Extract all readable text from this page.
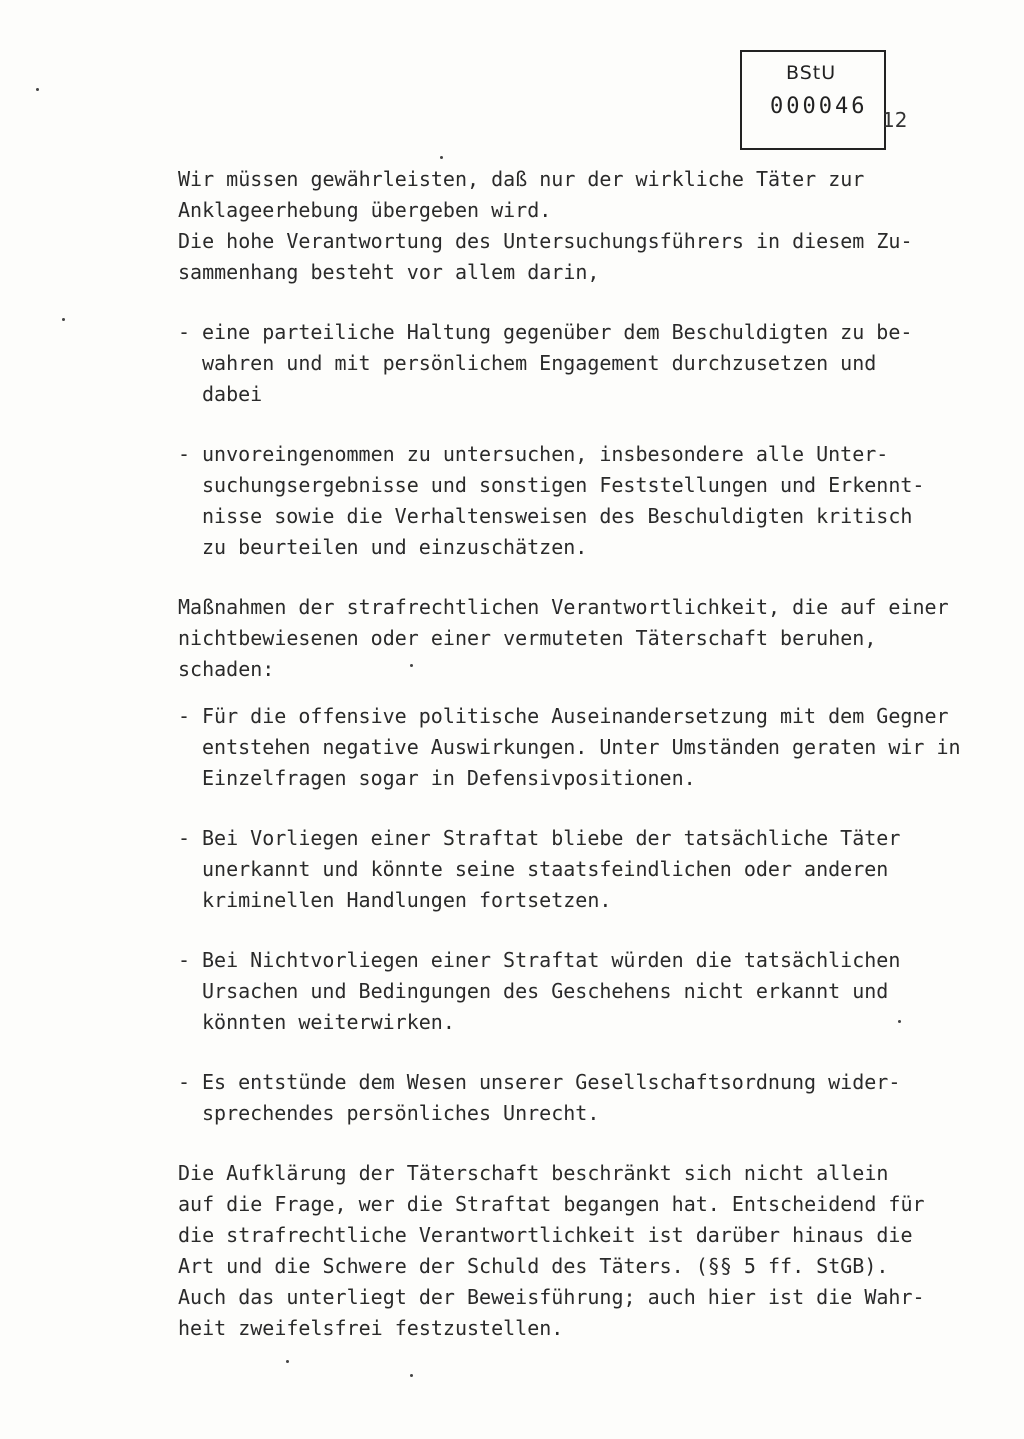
BStU
000046
12
Wir müssen gewährleisten, daß nur der wirkliche Täter zur
Anklageerhebung übergeben wird.
Die hohe Verantwortung des Untersuchungsführers in diesem Zu-
sammenhang besteht vor allem darin,
- eine parteiliche Haltung gegenüber dem Beschuldigten zu be-
wahren und mit persönlichem Engagement durchzusetzen und
dabei
- unvoreingenommen zu untersuchen, insbesondere alle Unter-
suchungsergebnisse und sonstigen Feststellungen und Erkennt-
nisse sowie die Verhaltensweisen des Beschuldigten kritisch
zu beurteilen und einzuschätzen.
Maßnahmen der strafrechtlichen Verantwortlichkeit, die auf einer
nichtbewiesenen oder einer vermuteten Täterschaft beruhen,
schaden:
- Für die offensive politische Auseinandersetzung mit dem Gegner
entstehen negative Auswirkungen. Unter Umständen geraten wir in
Einzelfragen sogar in Defensivpositionen.
- Bei Vorliegen einer Straftat bliebe der tatsächliche Täter
unerkannt und könnte seine staatsfeindlichen oder anderen
kriminellen Handlungen fortsetzen.
- Bei Nichtvorliegen einer Straftat würden die tatsächlichen
Ursachen und Bedingungen des Geschehens nicht erkannt und
könnten weiterwirken.
- Es entstünde dem Wesen unserer Gesellschaftsordnung wider-
sprechendes persönliches Unrecht.
Die Aufklärung der Täterschaft beschränkt sich nicht allein
auf die Frage, wer die Straftat begangen hat. Entscheidend für
die strafrechtliche Verantwortlichkeit ist darüber hinaus die
Art und die Schwere der Schuld des Täters. (§§ 5 ff. StGB).
Auch das unterliegt der Beweisführung; auch hier ist die Wahr-
heit zweifelsfrei festzustellen.
